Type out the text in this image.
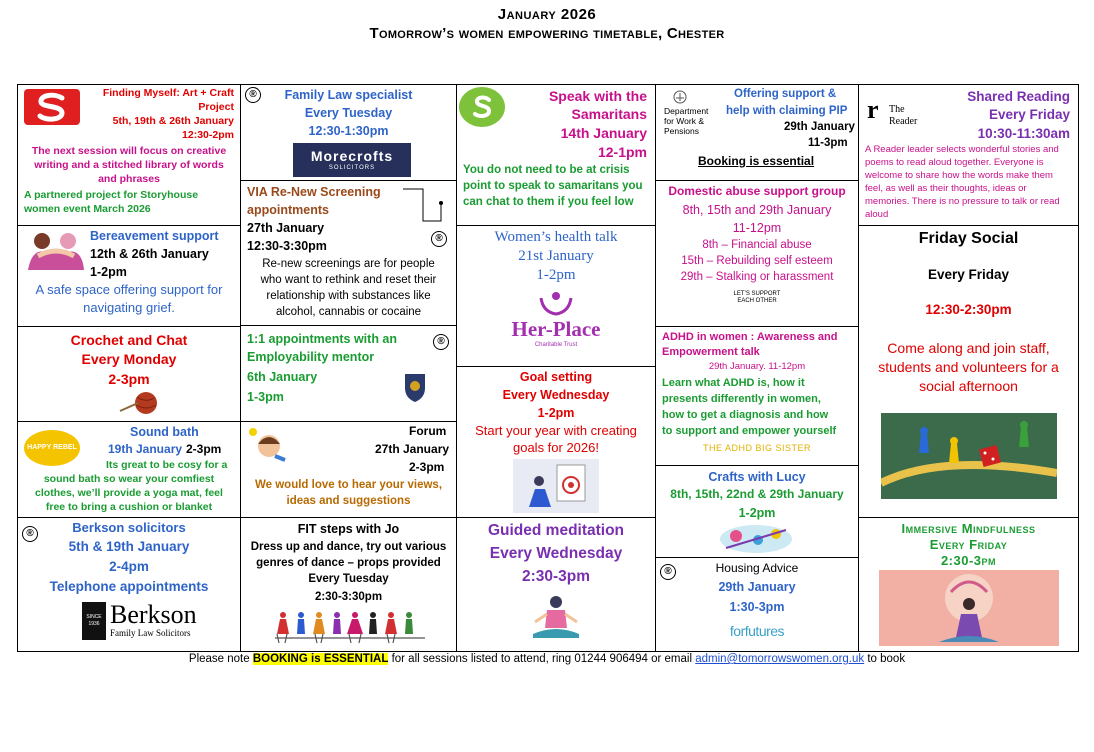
January 2026
Tomorrow’s women empowering timetable, Chester
Finding Myself: Art + Craft
Project
5th, 19th & 26th January
12:30-2pm
The next session will focus on creative
writing and a stitched library of words
and phrases
A partnered project for Storyhouse
women event March 2026
Bereavement support
12th & 26th January
1-2pm
A safe space offering support for
navigating grief.
Crochet and Chat
Every Monday
2-3pm
HAPPY REBEL
Sound bath
19th January 2-3pm
Its great to be cosy for a
sound bath so wear your comfiest
clothes, we’ll provide a yoga mat, feel
free to bring a cushion or blanket
®	Berkson solicitors
5th & 19th January
2-4pm
Telephone appointments
SINCE 1936 Berkson
Family Law Solicitors
®	Family Law specialist
Every Tuesday
12:30-1:30pm
Morecrofts
SOLICITORS
VIA Re-New Screening
appointments
27th January
12:30-3:30pm
®
Re-new screenings are for people
who want to rethink and reset their
relationship with substances like
alcohol, cannabis or cocaine
1:1 appointments with an
Employability mentor
®
6th January
1-3pm
Forum
27th January
2-3pm
We would love to hear your views,
ideas and suggestions
FIT steps with Jo
Dress up and dance, try out various
genres of dance – props provided
Every Tuesday
2:30-3:30pm
Speak with the
Samaritans
14th January
12-1pm
You do not need to be at crisis
point to speak to samaritans you
can chat to them if you feel low
Women’s health talk
21st January
1-2pm
Her-Place
Charitable Trust
Goal setting
Every Wednesday
1-2pm
Start your year with creating
goals for 2026!
Guided meditation
Every Wednesday
2:30-3pm
Department
for Work &
Pensions
Offering support &
help with claiming PIP
29th January
11-3pm
Booking is essential
Domestic abuse support group
8th, 15th and 29th January
11-12pm
8th – Financial abuse
15th – Rebuilding self esteem
29th – Stalking or harassment
LET’S SUPPORT EACH OTHER
ADHD in women : Awareness and
Empowerment talk
29th January. 11-12pm
Learn what ADHD is, how it
presents differently in women,
how to get a diagnosis and how
to support and empower yourself
THE ADHD BIG SISTER
Crafts with Lucy
8th, 15th, 22nd & 29th January
1-2pm
®	Housing Advice
29th January
1:30-3pm
forfutures
r The
Reader
Shared Reading
Every Friday
10:30-11:30am
A Reader leader selects wonderful stories and
poems to read aloud together. Everyone is
welcome to share how the words make them
feel, as well as their thoughts, ideas or
memories. There is no pressure to talk or read
aloud
Friday Social
Every Friday
12:30-2:30pm
Come along and join staff,
students and volunteers for a
social afternoon
Immersive Mindfulness
Every Friday
2:30-3pm
Please note BOOKING is ESSENTIAL for all sessions listed to attend, ring 01244 906494 or email admin@tomorrowswomen.org.uk to book
